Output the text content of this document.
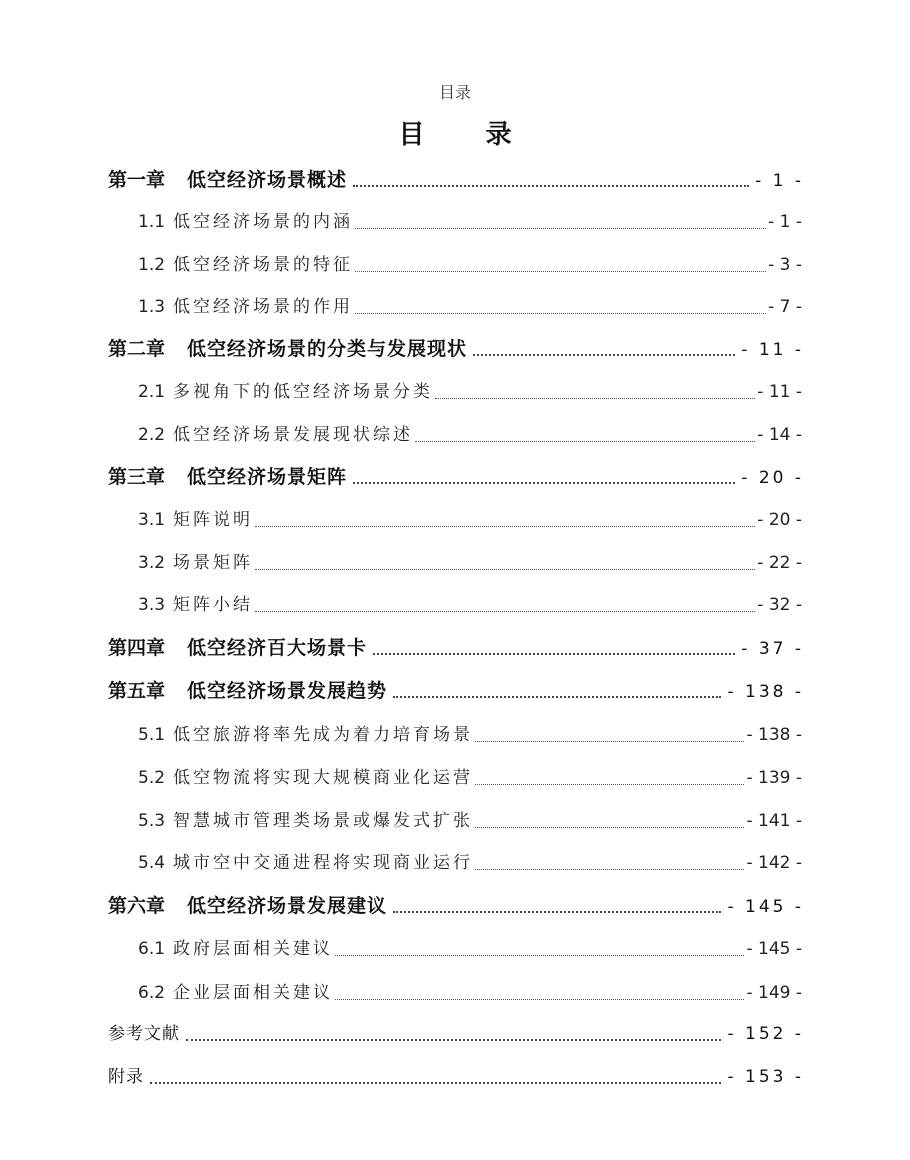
目录
目 录
第一章 低空经济场景概述	- 1 -
1.1 低空经济场景的内涵	- 1 -
1.2 低空经济场景的特征	- 3 -
1.3 低空经济场景的作用	- 7 -
第二章 低空经济场景的分类与发展现状	- 11 -
2.1 多视角下的低空经济场景分类	- 11 -
2.2 低空经济场景发展现状综述	- 14 -
第三章 低空经济场景矩阵	- 20 -
3.1 矩阵说明	- 20 -
3.2 场景矩阵	- 22 -
3.3 矩阵小结	- 32 -
第四章 低空经济百大场景卡	- 37 -
第五章 低空经济场景发展趋势	- 138 -
5.1 低空旅游将率先成为着力培育场景	- 138 -
5.2 低空物流将实现大规模商业化运营	- 139 -
5.3 智慧城市管理类场景或爆发式扩张	- 141 -
5.4 城市空中交通进程将实现商业运行	- 142 -
第六章 低空经济场景发展建议	- 145 -
6.1 政府层面相关建议	- 145 -
6.2 企业层面相关建议	- 149 -
参考文献	- 152 -
附录	- 153 -
